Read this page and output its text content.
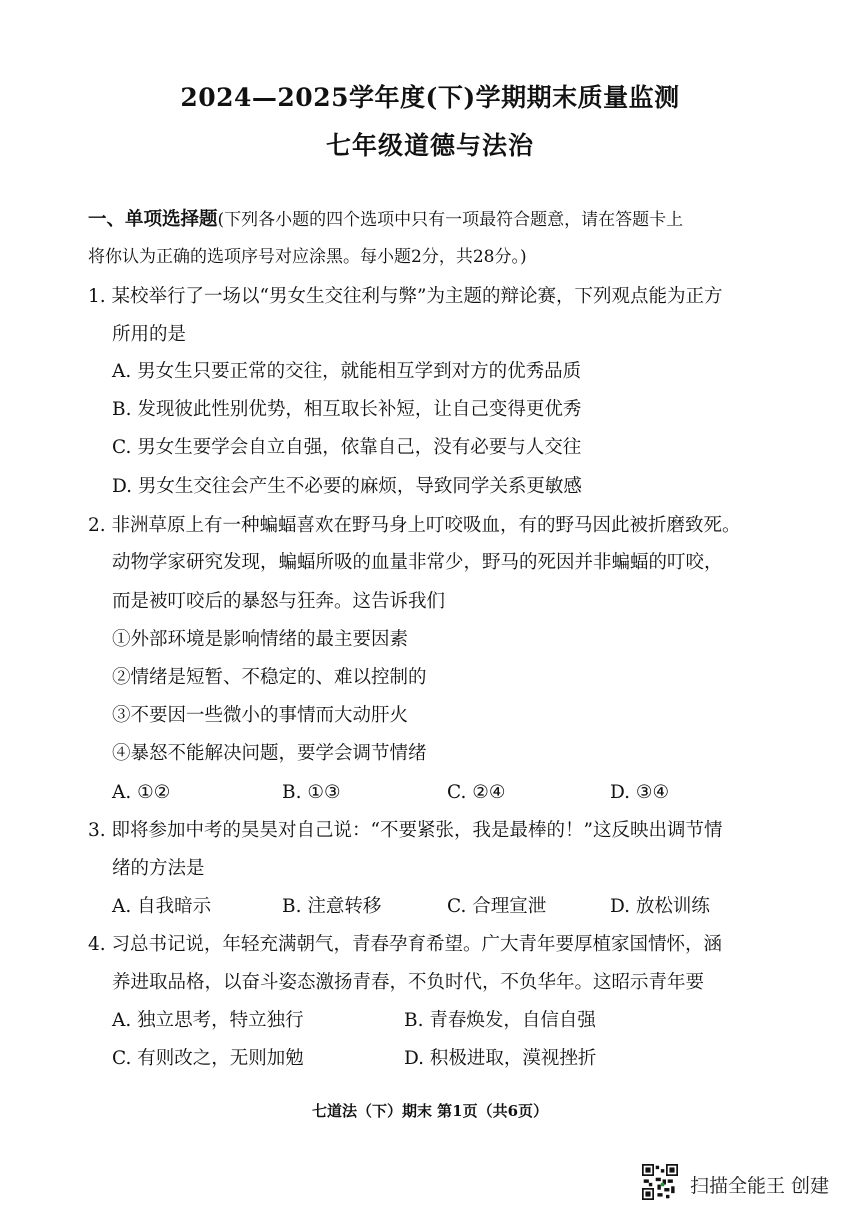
2024—2025学年度(下)学期期末质量监测
七年级道德与法治
一、单项选择题(下列各小题的四个选项中只有一项最符合题意，请在答题卡上
将你认为正确的选项序号对应涂黑。每小题2分，共28分。)
1. 某校举行了一场以“男女生交往利与弊”为主题的辩论赛，下列观点能为正方
所用的是
A. 男女生只要正常的交往，就能相互学到对方的优秀品质
B. 发现彼此性别优势，相互取长补短，让自己变得更优秀
C. 男女生要学会自立自强，依靠自己，没有必要与人交往
D. 男女生交往会产生不必要的麻烦，导致同学关系更敏感
2. 非洲草原上有一种蝙蝠喜欢在野马身上叮咬吸血，有的野马因此被折磨致死。
动物学家研究发现，蝙蝠所吸的血量非常少，野马的死因并非蝙蝠的叮咬，
而是被叮咬后的暴怒与狂奔。这告诉我们
①外部环境是影响情绪的最主要因素
②情绪是短暂、不稳定的、难以控制的
③不要因一些微小的事情而大动肝火
④暴怒不能解决问题，要学会调节情绪
A. ①②	B. ①③	C. ②④	D. ③④
3. 即将参加中考的昊昊对自己说：“不要紧张，我是最棒的！”这反映出调节情
绪的方法是
A. 自我暗示	B. 注意转移	C. 合理宣泄	D. 放松训练
4. 习总书记说，年轻充满朝气，青春孕育希望。广大青年要厚植家国情怀，涵
养进取品格，以奋斗姿态激扬青春，不负时代，不负华年。这昭示青年要
A. 独立思考，特立独行	B. 青春焕发，自信自强
C. 有则改之，无则加勉	D. 积极进取，漠视挫折
七道法（下）期末 第1页（共6页）
扫描全能王 创建
